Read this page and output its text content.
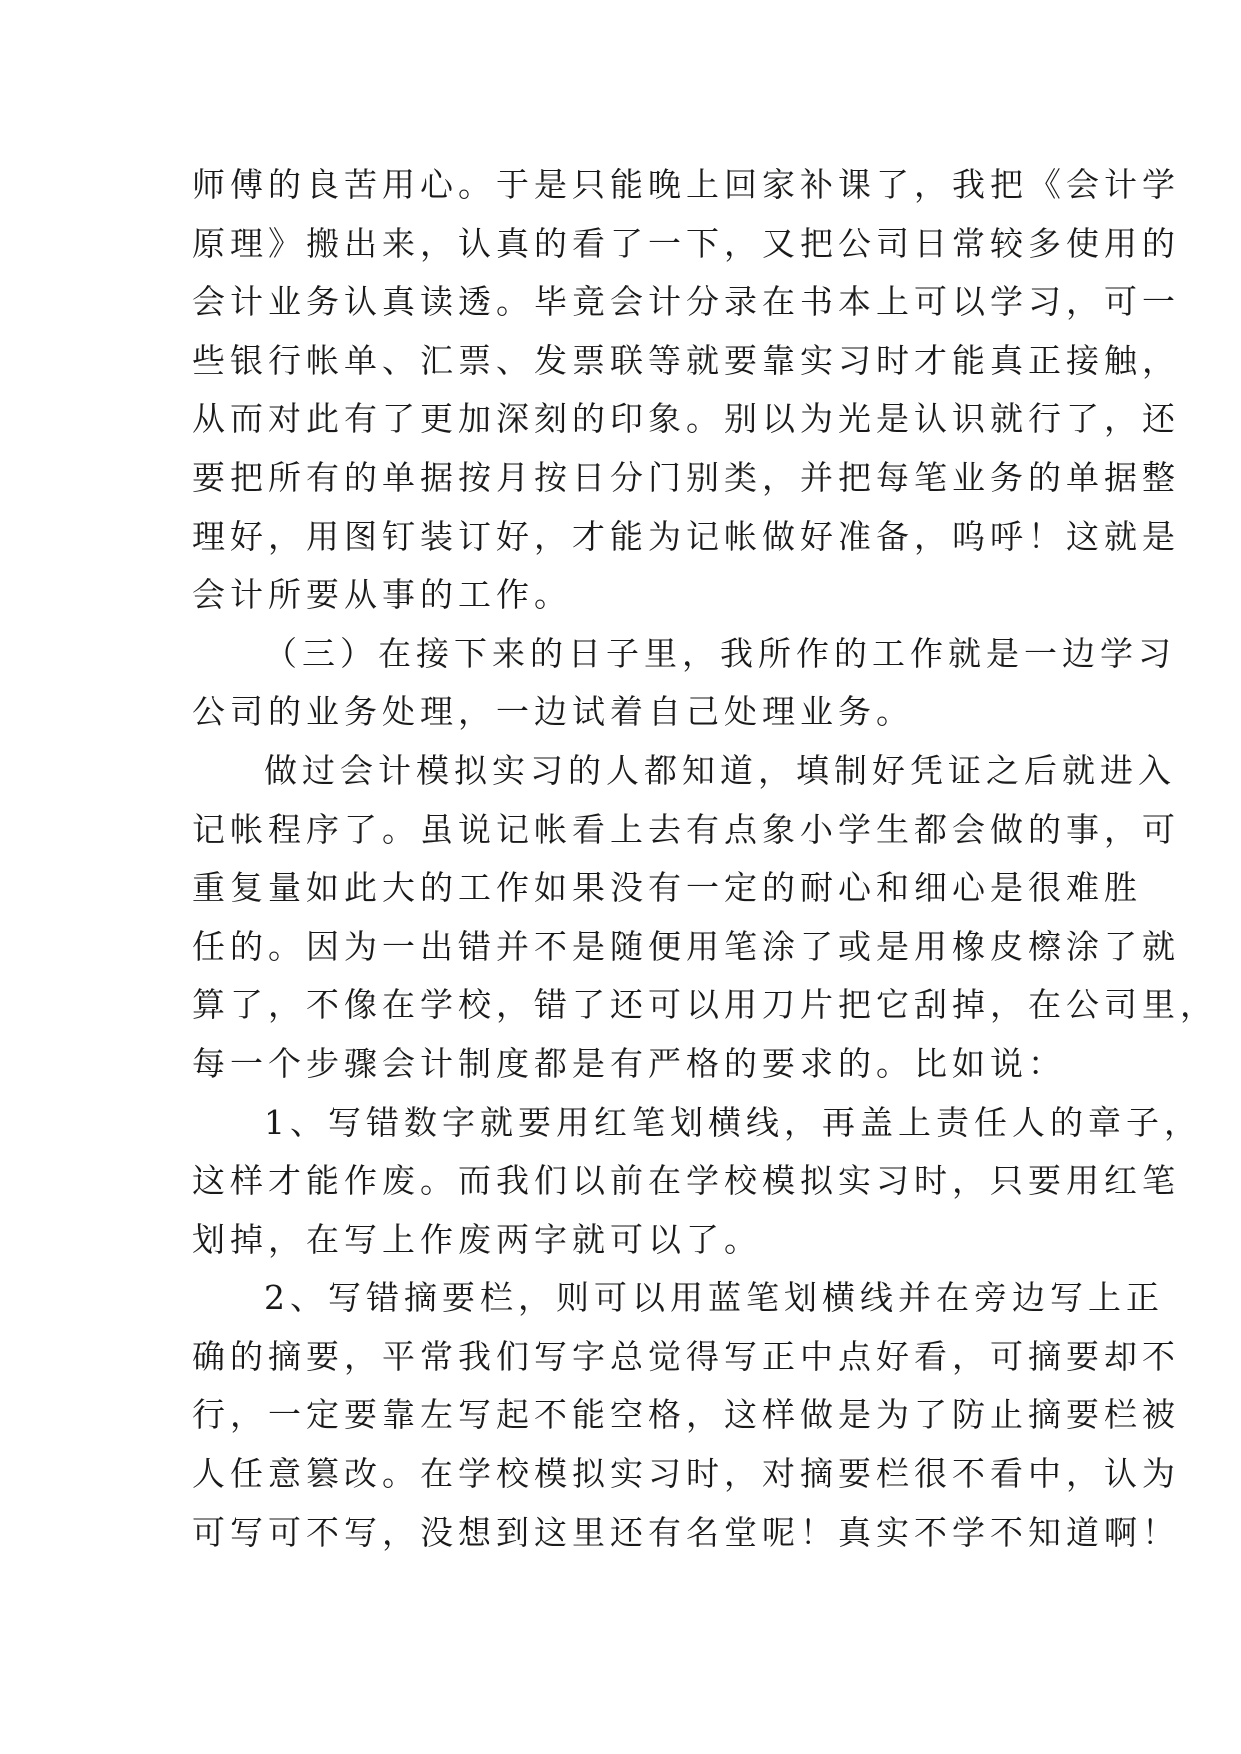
师傅的良苦用心。于是只能晚上回家补课了，我把《会计学
原理》搬出来，认真的看了一下，又把公司日常较多使用的
会计业务认真读透。毕竟会计分录在书本上可以学习，可一
些银行帐单、汇票、发票联等就要靠实习时才能真正接触，
从而对此有了更加深刻的印象。别以为光是认识就行了，还
要把所有的单据按月按日分门别类，并把每笔业务的单据整
理好，用图钉装订好，才能为记帐做好准备，呜呼！这就是
会计所要从事的工作。
（三）在接下来的日子里，我所作的工作就是一边学习
公司的业务处理，一边试着自己处理业务。
做过会计模拟实习的人都知道，填制好凭证之后就进入
记帐程序了。虽说记帐看上去有点象小学生都会做的事，可
重复量如此大的工作如果没有一定的耐心和细心是很难胜
任的。因为一出错并不是随便用笔涂了或是用橡皮檫涂了就
算了，不像在学校，错了还可以用刀片把它刮掉，在公司里，
每一个步骤会计制度都是有严格的要求的。比如说：
1、写错数字就要用红笔划横线，再盖上责任人的章子，
这样才能作废。而我们以前在学校模拟实习时，只要用红笔
划掉，在写上作废两字就可以了。
2、写错摘要栏，则可以用蓝笔划横线并在旁边写上正
确的摘要，平常我们写字总觉得写正中点好看，可摘要却不
行，一定要靠左写起不能空格，这样做是为了防止摘要栏被
人任意篡改。在学校模拟实习时，对摘要栏很不看中，认为
可写可不写，没想到这里还有名堂呢！真实不学不知道啊！
